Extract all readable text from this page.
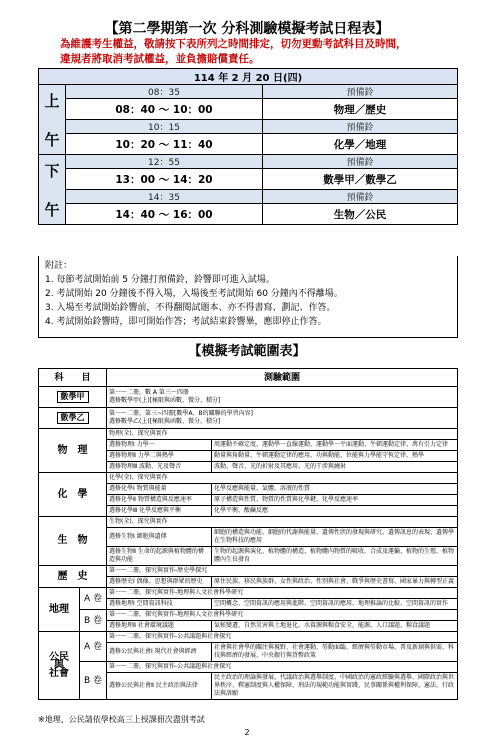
【第二學期第一次 分科測驗模擬考試日程表】
為維護考生權益，敬請按下表所列之時間排定，切勿更動考試科目及時間，
違規者將取消考試權益，並負擔賠償責任。
114 年 2 月 20 日(四)		
上

午	08：35	預備鈴
	08：40 ～ 10：00	物理／歷史
	10：15	預備鈴
	10：20 ～ 11：40	化學／地理
下

午	12：55	預備鈴
	13：00 ～ 14：20	數學甲／數學乙
	14：35	預備鈴
	14：40 ～ 16：00	生物／公民
附註：
1. 每節考試開始前 5 分鐘打預備鈴，鈴響即可進入試場。
2. 考試開始 20 分鐘後不得入場，入場後至考試開始 60 分鐘內不得離場。
3. 入場至考試開始鈴響前，不得翻閱試題本、亦不得書寫、劃記、作答。
4. 考試開始鈴響時，即可開始作答；考試結束鈴響畢，應即停止作答。
【模擬考試範圍表】
科　　目		測驗範圍	
數學甲		第一～二冊，數 A 第三～四冊
選修數學甲(上)[極限與函數、微分、積分]	

數學乙		第一～二冊，第三~四冊[數學A、B的關聯的學習內容]
選修數學乙(上)[極限與函數、微分、積分]	

物　理		物理(全)、探究與實作	
		選修物理Ⅰ 力學一	周運動不確定度、運動學一直線運動、運動學一平面運動、牛頓運動定律、萬有引力定律
		選修物理Ⅱ 力學二與熱學	動量與角動量、牛頓運動定律的應用、功與動能、位能與力學能守恆定律、熱學
		選修物理Ⅲ 波動、光及聲音	波動、聲音、光的折射及其應用、光的干涉與繞射
化　學		化學(全)、探究與實作	
		選修化學Ⅰ 物質與能量	化學反應與能量、氣體、溶液的性質
		選修化學Ⅱ 物質構造與反應速率	原子構造與性質、物質的性質與化學鍵、化學反應速率
		選修化學Ⅲ 化學反應與平衡	化學平衡、酸鹼反應
生　物		生物(全)、探究與實作	
		選修生物Ⅰ 細胞與遺傳	細胞的構造與功能、細胞的代謝與能量、遺傳性狀的發現與研究、遺傳訊息的表現、遺傳學在生物科技的應用
		選修生物Ⅱ 生命的起源與植物體的構造與功能	生物的起源與演化、植物體的構造、植物體內物質的吸收、合成及運輸、植物的生殖、植物體內生長發育
歷　史		第一～二冊，探究與實作-歷史學探究	
		選修歷史Ⅰ 偶像、思想與群眾的歷史	原住民族、移民與族群、女性與政治、性別與社會、戰爭與歷史書寫、國家暴力與轉型正義
地理	A 卷	第一～二冊，探究與實作-地理與人文社會科學研究	
		選修地理Ⅰ 空間資訊科技	空間概念、空間資訊的應用與進階、空間資訊的應用、地理推論的比較、空間資訊的實作
	B 卷	第一～二冊，探究與實作-地理與人文社會科學研究	
		選修地理Ⅱ 社會環境議題	氣候變遷、自然災害與土地退化、水資源與糧食安全、能源、人口議題、糧食議題
公民
與
社會	A 卷	第一～二冊，探究與實作-公共議題與社會探究	
		選修公民與社會Ⅰ 現代社會與經濟	社會與社會學的關注與視野、社會運動、勞動面臨、經濟與勞動市場、普及新創與供需、科技與經濟的發展、中央銀行與貨幣政策
	B 卷	第一～二冊，探究與實作-公共議題與社會探究	
		選修公民與社會Ⅱ 民主政治與法律	民主政治的理論與發展、代議政治與選舉制度、中國政治的憲政經驗與選舉、國際政治與世界秩序、釋憲制度與人權保障、刑法的規範功能與實踐、民事關係與權利保障、憲法、行政法與訴願
※地理、公民請依學校高三上授課冊次盡別考試
2
